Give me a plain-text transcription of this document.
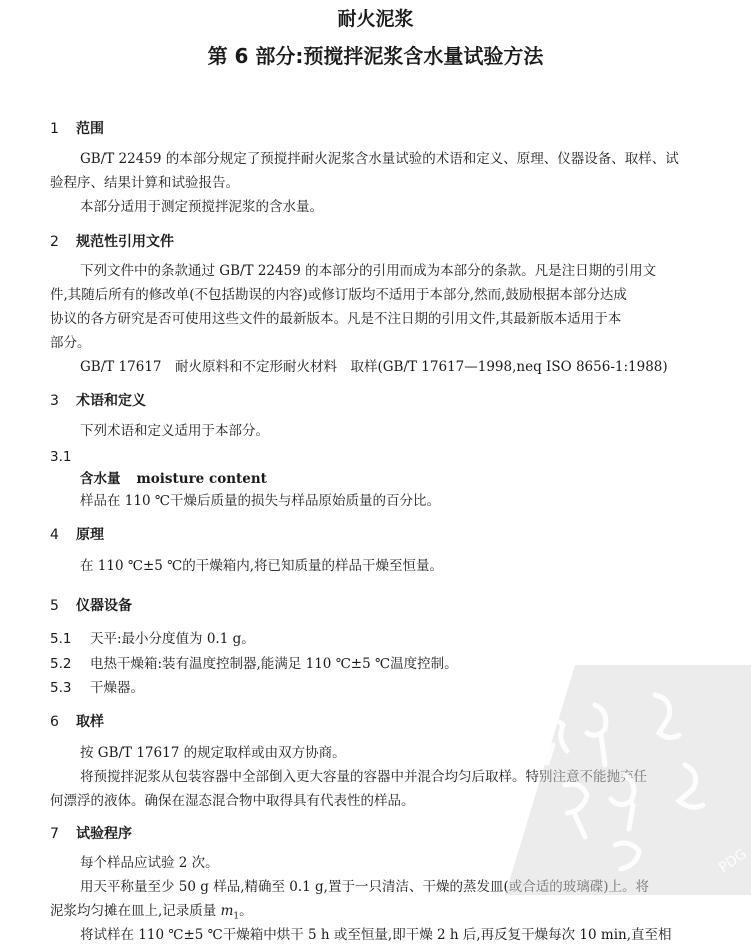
耐火泥浆
第 6 部分:预搅拌泥浆含水量试验方法
1 范围
GB/T 22459 的本部分规定了预搅拌耐火泥浆含水量试验的术语和定义、原理、仪器设备、取样、试
验程序、结果计算和试验报告。
本部分适用于测定预搅拌泥浆的含水量。
2 规范性引用文件
下列文件中的条款通过 GB/T 22459 的本部分的引用而成为本部分的条款。凡是注日期的引用文
件,其随后所有的修改单(不包括勘误的内容)或修订版均不适用于本部分,然而,鼓励根据本部分达成
协议的各方研究是否可使用这些文件的最新版本。凡是不注日期的引用文件,其最新版本适用于本
部分。
GB/T 17617　耐火原料和不定形耐火材料　取样(GB/T 17617—1998,neq ISO 8656-1:1988)
3 术语和定义
下列术语和定义适用于本部分。
3.1
含水量 moisture content
样品在 110 ℃干燥后质量的损失与样品原始质量的百分比。
4 原理
在 110 ℃±5 ℃的干燥箱内,将已知质量的样品干燥至恒量。
5 仪器设备
5.1 天平:最小分度值为 0.1 g。
5.2 电热干燥箱:装有温度控制器,能满足 110 ℃±5 ℃温度控制。
5.3 干燥器。
6 取样
按 GB/T 17617 的规定取样或由双方协商。
将预搅拌泥浆从包装容器中全部倒入更大容量的容器中并混合均匀后取样。特别注意不能抛弃任
何漂浮的液体。确保在湿态混合物中取得具有代表性的样品。
7 试验程序
每个样品应试验 2 次。
用天平称量至少 50 g 样品,精确至 0.1 g,置于一只清洁、干燥的蒸发皿(或合适的玻璃碟)上。将
泥浆均匀摊在皿上,记录质量 $m_1$。
将试样在 110 ℃±5 ℃干燥箱中烘干 5 h 或至恒量,即干燥 2 h 后,再反复干燥每次 10 min,直至相
PDG
